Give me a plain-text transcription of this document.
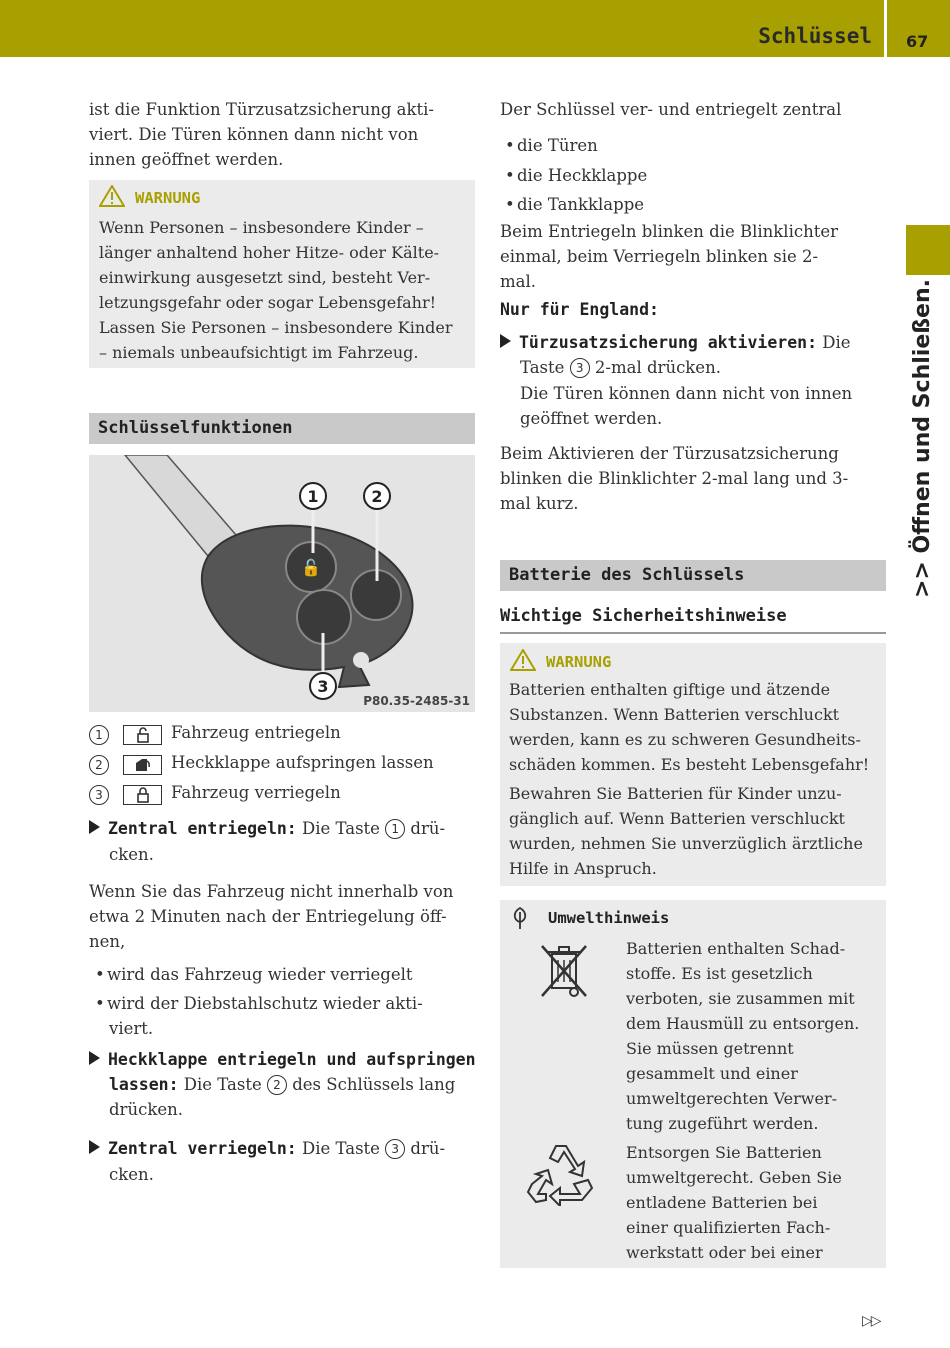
Schlüssel 67
>> Öffnen und Schließen.
ist die Funktion Türzusatzsicherung akti-
viert. Die Türen können dann nicht von
innen geöffnet werden.
WARNUNG
Wenn Personen – insbesondere Kinder –
länger anhaltend hoher Hitze- oder Kälte-
einwirkung ausgesetzt sind, besteht Ver-
letzungsgefahr oder sogar Lebensgefahr!
Lassen Sie Personen – insbesondere Kinder
– niemals unbeaufsichtigt im Fahrzeug.
Schlüsselfunktionen
🔓
1	2
3
P80.35-2485-31
1	Fahrzeug entriegeln
2	Heckklappe aufspringen lassen
3	Fahrzeug verriegeln
Zentral entriegeln: Die Taste 1 drü-
cken.
Wenn Sie das Fahrzeug nicht innerhalb von
etwa 2 Minuten nach der Entriegelung öff-
nen,
• wird das Fahrzeug wieder verriegelt
• wird der Diebstahlschutz wieder akti-
viert.
Heckklappe entriegeln und aufspringen
lassen: Die Taste 2 des Schlüssels lang
drücken.
Zentral verriegeln: Die Taste 3 drü-
cken.
Der Schlüssel ver- und entriegelt zentral
• die Türen
• die Heckklappe
• die Tankklappe
Beim Entriegeln blinken die Blinklichter
einmal, beim Verriegeln blinken sie 2-
mal.
Nur für England:
Türzusatzsicherung aktivieren: Die
Taste 3 2-mal drücken.
Die Türen können dann nicht von innen
geöffnet werden.
Beim Aktivieren der Türzusatzsicherung
blinken die Blinklichter 2-mal lang und 3-
mal kurz.
Batterie des Schlüssels
Wichtige Sicherheitshinweise
WARNUNG
Batterien enthalten giftige und ätzende
Substanzen. Wenn Batterien verschluckt
werden, kann es zu schweren Gesundheits-
schäden kommen. Es besteht Lebensgefahr!
Bewahren Sie Batterien für Kinder unzu-
gänglich auf. Wenn Batterien verschluckt
wurden, nehmen Sie unverzüglich ärztliche
Hilfe in Anspruch.
Umwelthinweis
Batterien enthalten Schad-
stoffe. Es ist gesetzlich
verboten, sie zusammen mit
dem Hausmüll zu entsorgen.
Sie müssen getrennt
gesammelt und einer
umweltgerechten Verwer-
tung zugeführt werden.
Entsorgen Sie Batterien
umweltgerecht. Geben Sie
entladene Batterien bei
einer qualifizierten Fach-
werkstatt oder bei einer
▷▷
